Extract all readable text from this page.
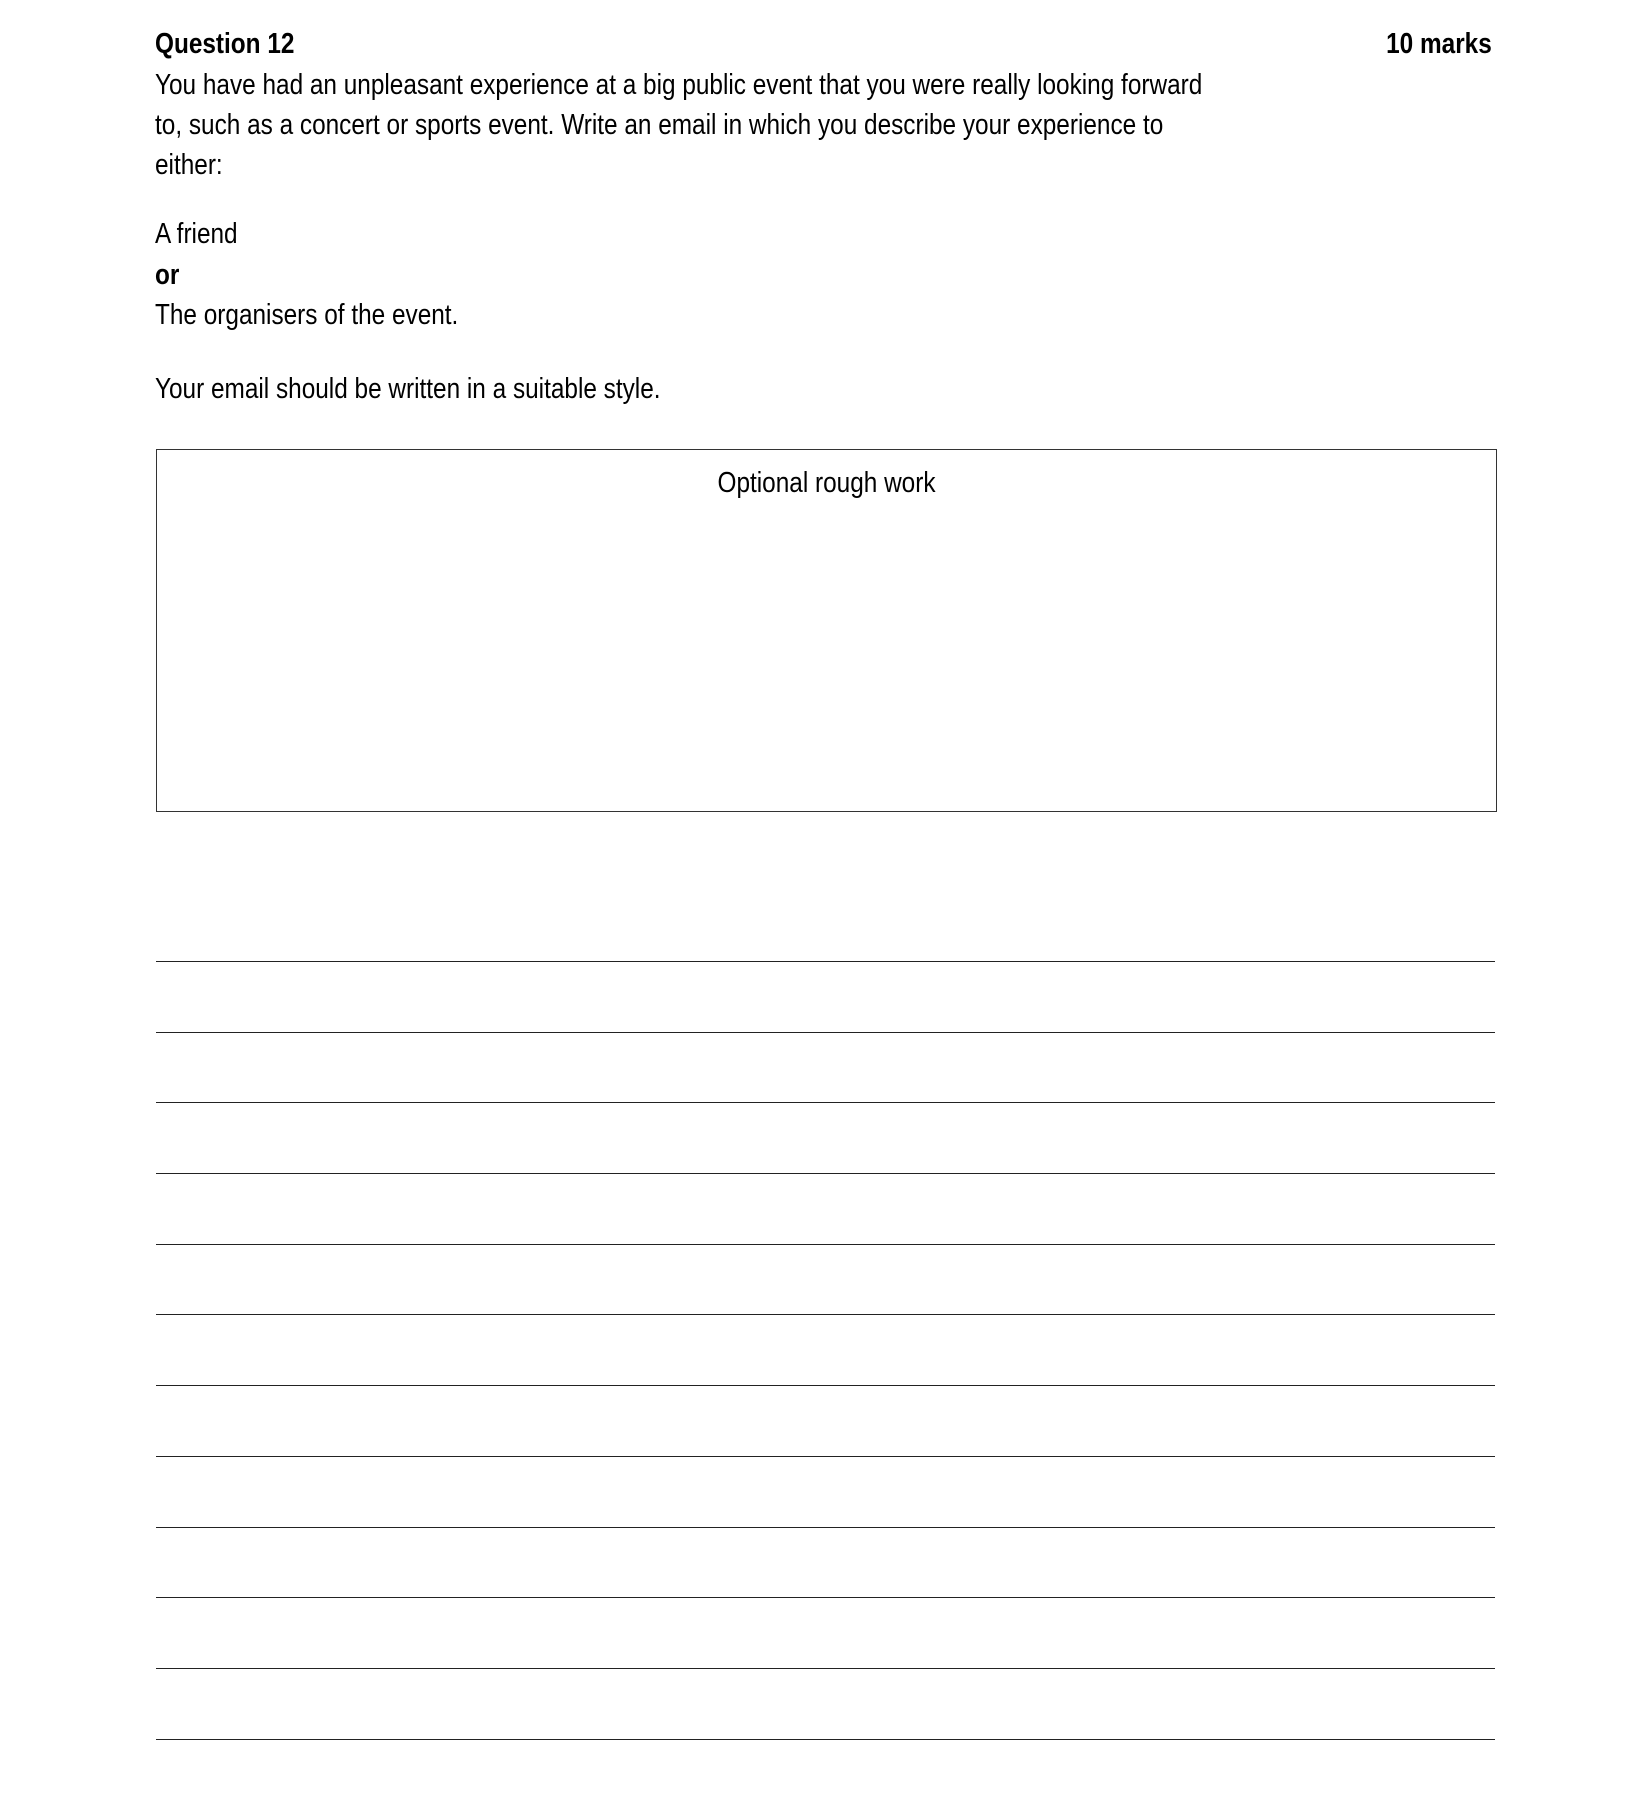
Question 12	10 marks
You have had an unpleasant experience at a big public event that you were really looking forward
to, such as a concert or sports event. Write an email in which you describe your experience to
either:
A friend
or
The organisers of the event.
Your email should be written in a suitable style.
Optional rough work
